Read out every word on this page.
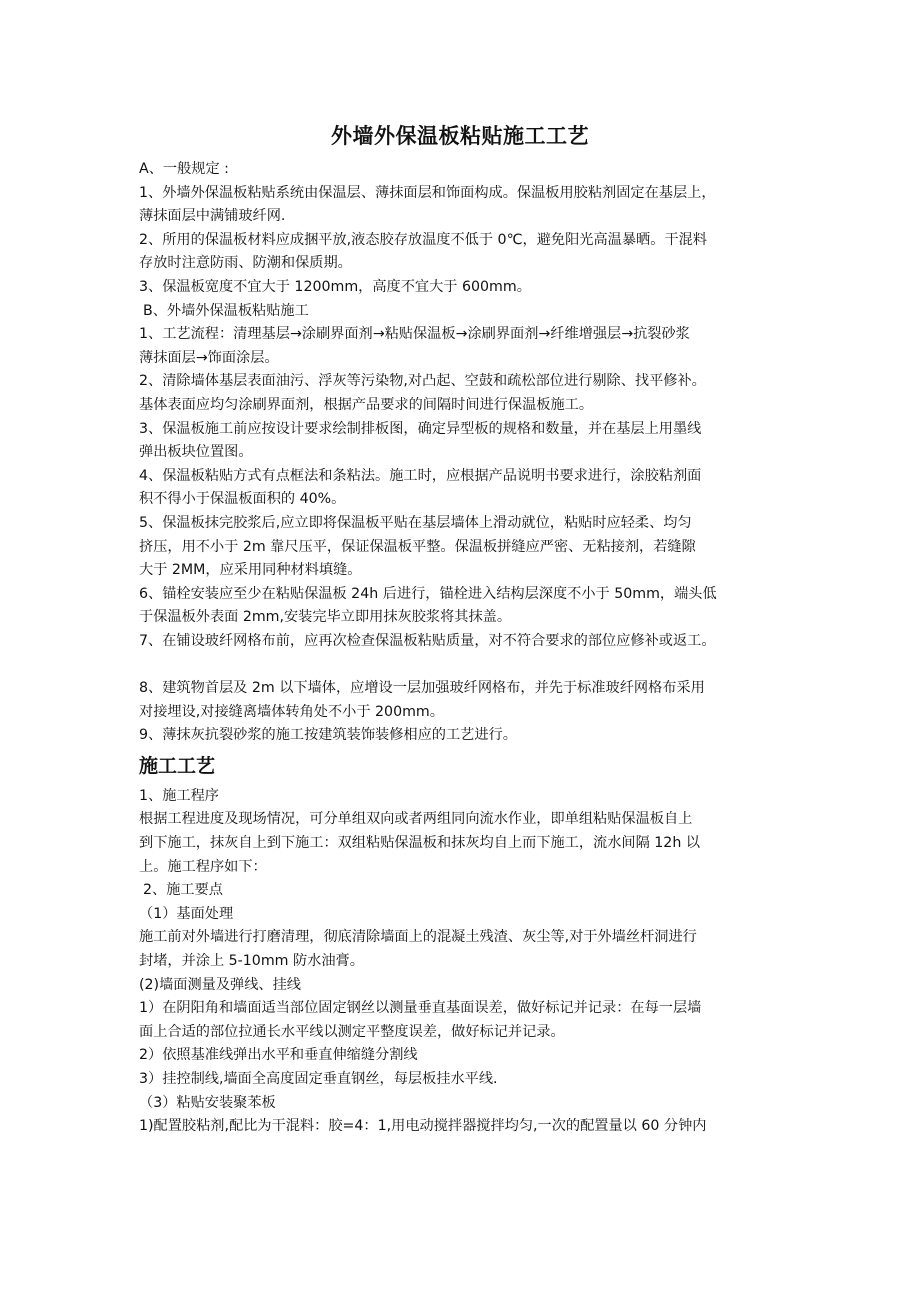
外墙外保温板粘贴施工工艺

A、一般规定 :

1、外墙外保温板粘贴系统由保温层、薄抹面层和饰面构成。保温板用胶粘剂固定在基层上，

薄抹面层中满铺玻纤网.

2、所用的保温板材料应成捆平放,液态胶存放温度不低于 0℃，避免阳光高温暴晒。干混料

存放时注意防雨、防潮和保质期。

3、保温板宽度不宜大于 1200mm，高度不宜大于 600mm。

B、外墙外保温板粘贴施工

1、工艺流程：清理基层→涂刷界面剂→粘贴保温板→涂刷界面剂→纤维增强层→抗裂砂浆

薄抹面层→饰面涂层。

2、清除墙体基层表面油污、浮灰等污染物,对凸起、空鼓和疏松部位进行剔除、找平修补。

基体表面应均匀涂刷界面剂，根据产品要求的间隔时间进行保温板施工。

3、保温板施工前应按设计要求绘制排板图，确定异型板的规格和数量，并在基层上用墨线

弹出板块位置图。

4、保温板粘贴方式有点框法和条粘法。施工时，应根据产品说明书要求进行，涂胶粘剂面

积不得小于保温板面积的 40%。

5、保温板抹完胶浆后,应立即将保温板平贴在基层墙体上滑动就位，粘贴时应轻柔、均匀

挤压，用不小于 2m 靠尺压平，保证保温板平整。保温板拼缝应严密、无粘接剂，若缝隙

大于 2MM，应采用同种材料填缝。

6、锚栓安装应至少在粘贴保温板 24h 后进行，锚栓进入结构层深度不小于 50mm，端头低

于保温板外表面 2mm,安装完毕立即用抹灰胶浆将其抹盖。

7、在铺设玻纤网格布前，应再次检查保温板粘贴质量，对不符合要求的部位应修补或返工。

8、建筑物首层及 2m 以下墙体，应增设一层加强玻纤网格布，并先于标准玻纤网格布采用

对接埋设,对接缝离墙体转角处不小于 200mm。

9、薄抹灰抗裂砂浆的施工按建筑装饰装修相应的工艺进行。

施工工艺

1、施工程序

根据工程进度及现场情况，可分单组双向或者两组同向流水作业，即单组粘贴保温板自上

到下施工，抹灰自上到下施工：双组粘贴保温板和抹灰均自上而下施工，流水间隔 12h 以

上。施工程序如下：

2、施工要点

（1）基面处理

施工前对外墙进行打磨清理，彻底清除墙面上的混凝土残渣、灰尘等,对于外墙丝杆洞进行

封堵，并涂上 5-10mm 防水油膏。

(2)墙面测量及弹线、挂线

1）在阴阳角和墙面适当部位固定钢丝以测量垂直基面误差，做好标记并记录：在每一层墙

面上合适的部位拉通长水平线以测定平整度误差，做好标记并记录。

2）依照基准线弹出水平和垂直伸缩缝分割线

3）挂控制线,墙面全高度固定垂直钢丝，每层板挂水平线.

（3）粘贴安装聚苯板

1)配置胶粘剂,配比为干混料：胶=4：1,用电动搅拌器搅拌均匀,一次的配置量以 60 分钟内
